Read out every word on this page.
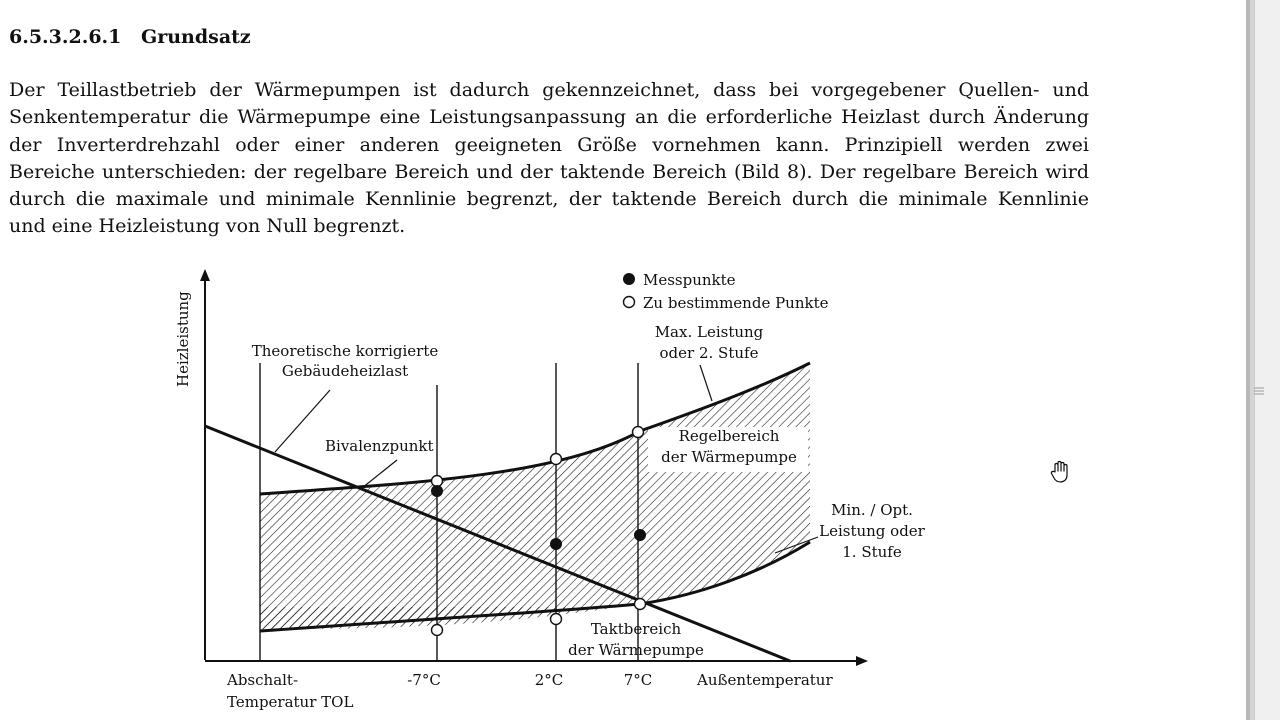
6.5.3.2.6.1 Grundsatz
Der Teillastbetrieb der Wärmepumpen ist dadurch gekennzeichnet, dass bei vorgegebener Quellen- und
Senkentemperatur die Wärmepumpe eine Leistungsanpassung an die erforderliche Heizlast durch Änderung
der Inverterdrehzahl oder einer anderen geeigneten Größe vornehmen kann. Prinzipiell werden zwei
Bereiche unterschieden: der regelbare Bereich und der taktende Bereich (Bild 8). Der regelbare Bereich wird
durch die maximale und minimale Kennlinie begrenzt, der taktende Bereich durch die minimale Kennlinie
und eine Heizleistung von Null begrenzt.
Messpunkte
Zu bestimmende Punkte
Heizleistung	Theoretische korrigierte
Gebäudeheizlast
Bivalenzpunkt
Max. Leistung
oder 2. Stufe
Regelbereich
der Wärmepumpe
Min. / Opt.
Leistung oder
1. Stufe
Taktbereich
der Wärmepumpe
Abschalt-
Temperatur TOL
-7°C	2°C	7°C	Außentemperatur
